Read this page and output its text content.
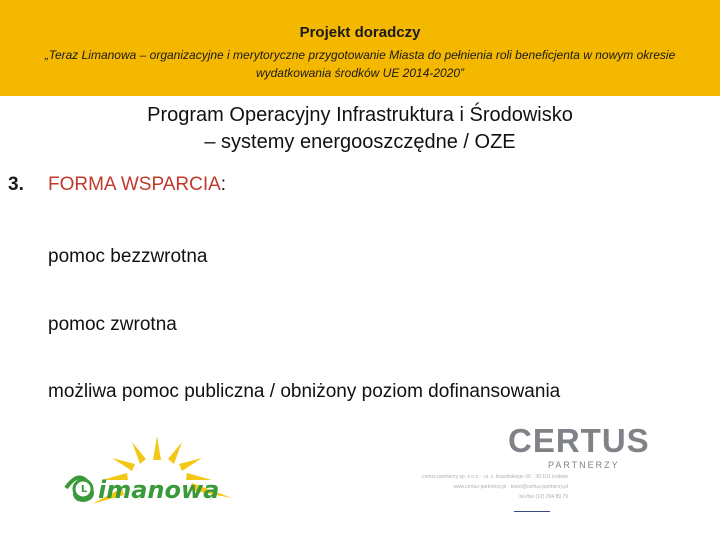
Projekt doradczy
„Teraz Limanowa – organizacyjne i merytoryczne przygotowanie Miasta do pełnienia roli beneficjenta w nowym okresie wydatkowania środków UE 2014-2020”
Program Operacyjny Infrastruktura i Środowisko
– systemy energooszczędne / OZE
3. FORMA WSPARCIA:
pomoc bezzwrotna
pomoc zwrotna
możliwa pomoc publiczna / obniżony poziom dofinansowania
L imanowa
CERTUS
PARTNERZY
certus partnerzy sp. z o.o. · ul. z. krasińskiego 65 · 30-101 kraków
www.certus-partnerzy.pl · biuro@certus-partnerzy.pl
tel./fax (12) 294 89 79
